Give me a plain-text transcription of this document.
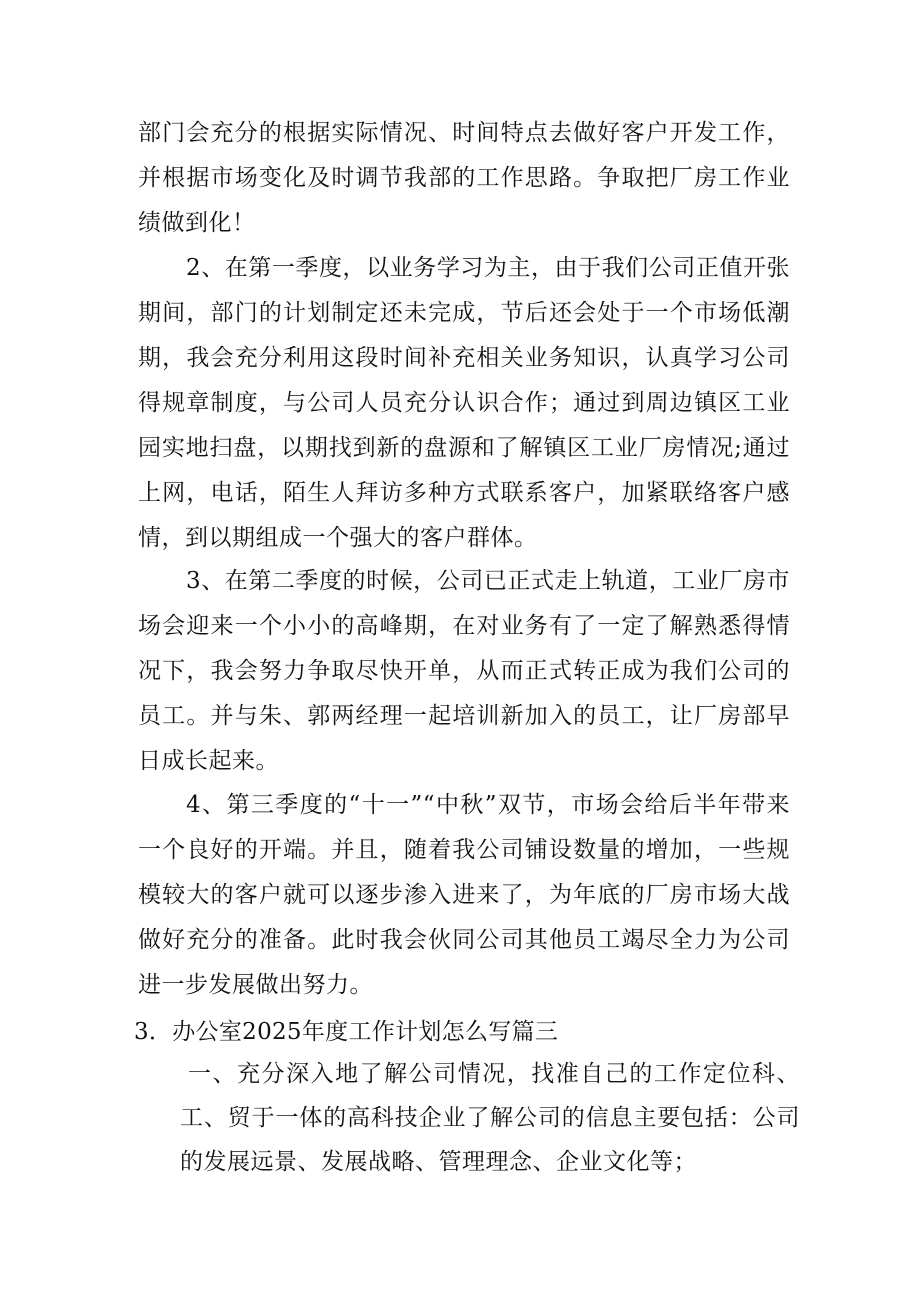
部门会充分的根据实际情况、时间特点去做好客户开发工作，并根据市场变化及时调节我部的工作思路。争取把厂房工作业绩做到化！
2、在第一季度，以业务学习为主，由于我们公司正值开张期间，部门的计划制定还未完成，节后还会处于一个市场低潮期，我会充分利用这段时间补充相关业务知识，认真学习公司得规章制度，与公司人员充分认识合作；通过到周边镇区工业园实地扫盘，以期找到新的盘源和了解镇区工业厂房情况;通过上网，电话，陌生人拜访多种方式联系客户，加紧联络客户感情，到以期组成一个强大的客户群体。
3、在第二季度的时候，公司已正式走上轨道，工业厂房市场会迎来一个小小的高峰期，在对业务有了一定了解熟悉得情况下，我会努力争取尽快开单，从而正式转正成为我们公司的员工。并与朱、郭两经理一起培训新加入的员工，让厂房部早日成长起来。
4、第三季度的“十一”“中秋”双节，市场会给后半年带来一个良好的开端。并且，随着我公司铺设数量的增加，一些规模较大的客户就可以逐步渗入进来了，为年底的厂房市场大战做好充分的准备。此时我会伙同公司其他员工竭尽全力为公司进一步发展做出努力。
3．办公室2025年度工作计划怎么写篇三
一、充分深入地了解公司情况，找准自己的工作定位科、工、贸于一体的高科技企业了解公司的信息主要包括：公司的发展远景、发展战略、管理理念、企业文化等；
